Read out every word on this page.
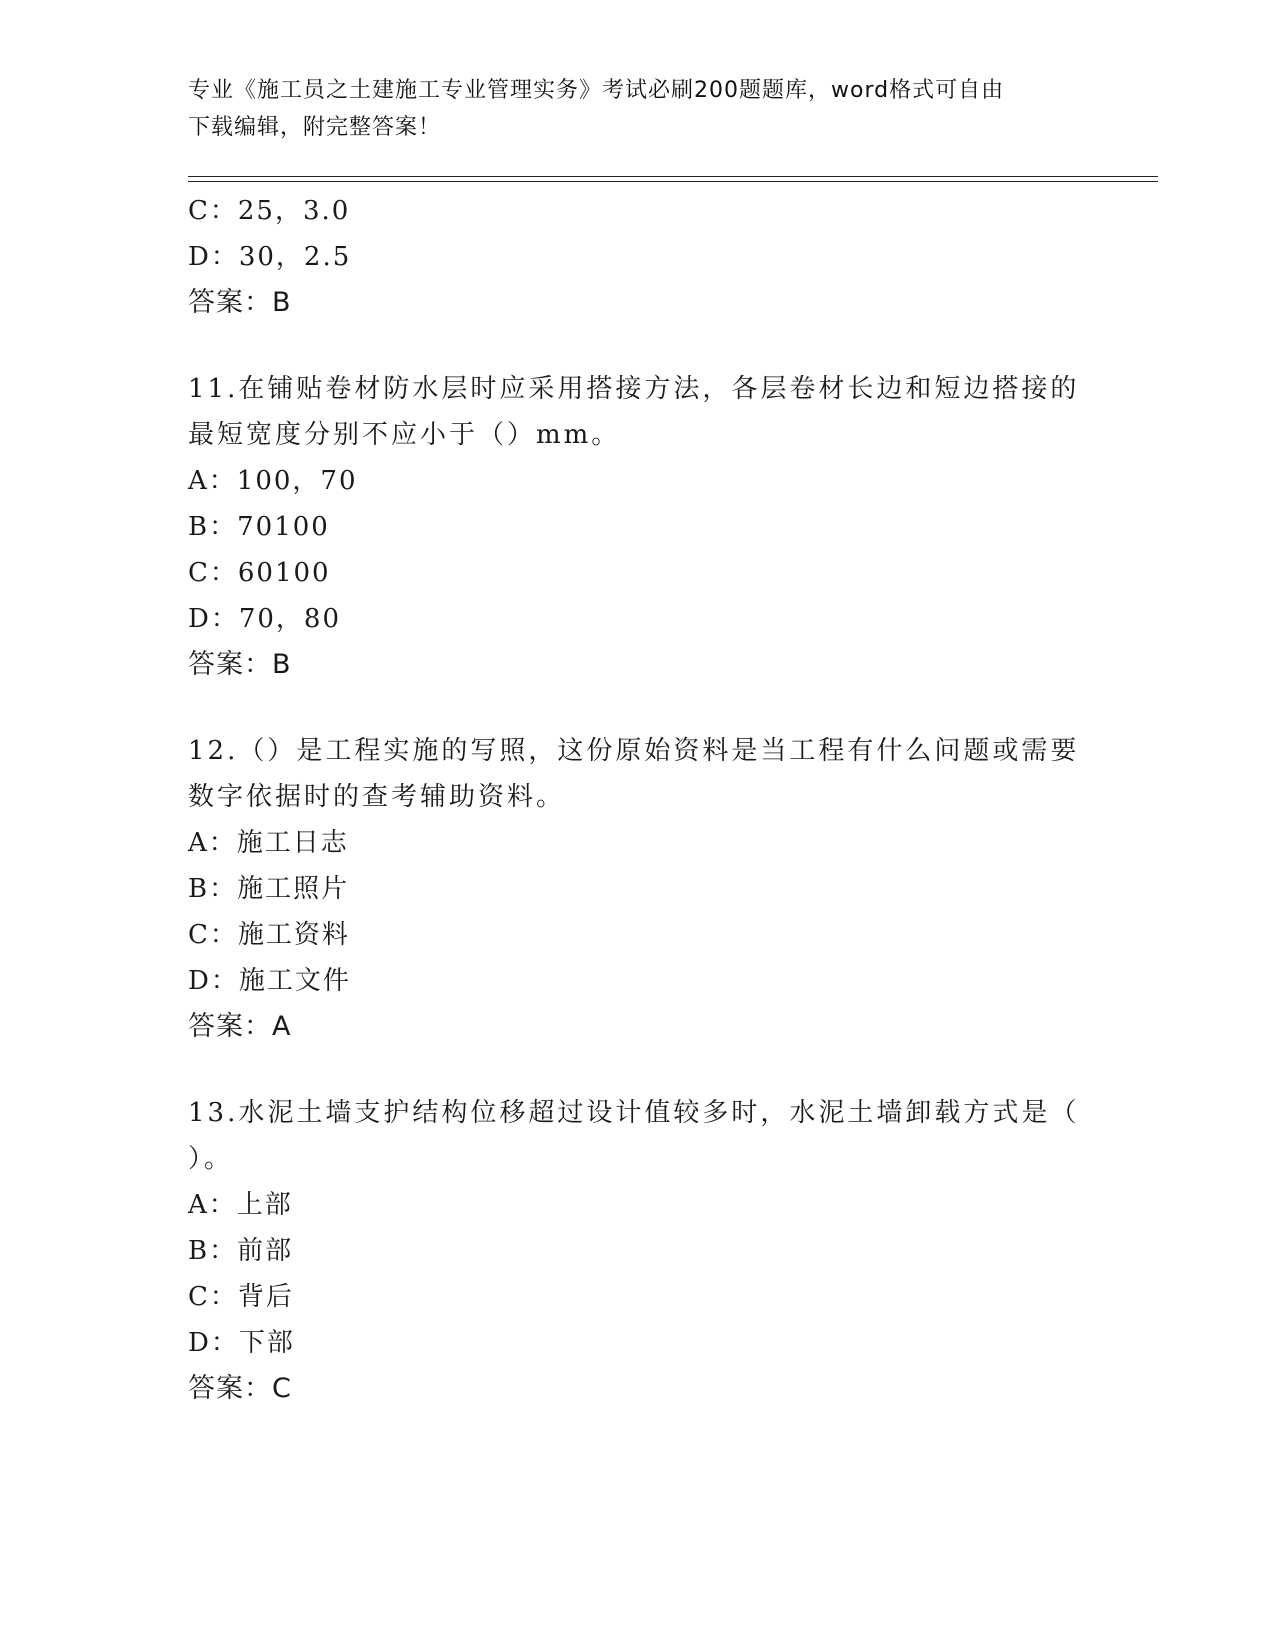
专业《施工员之土建施工专业管理实务》考试必刷200题题库，word格式可自由
下载编辑，附完整答案！
C：25，3.0
D：30，2.5
答案：B
11.在铺贴卷材防水层时应采用搭接方法，各层卷材长边和短边搭接的
最短宽度分别不应小于（）mm。
A：100，70
B：70100
C：60100
D：70，80
答案：B
12.（）是工程实施的写照，这份原始资料是当工程有什么问题或需要
数字依据时的查考辅助资料。
A：施工日志
B：施工照片
C：施工资料
D：施工文件
答案：A
13.水泥土墙支护结构位移超过设计值较多时，水泥土墙卸载方式是（
）。
A：上部
B：前部
C：背后
D：下部
答案：C
